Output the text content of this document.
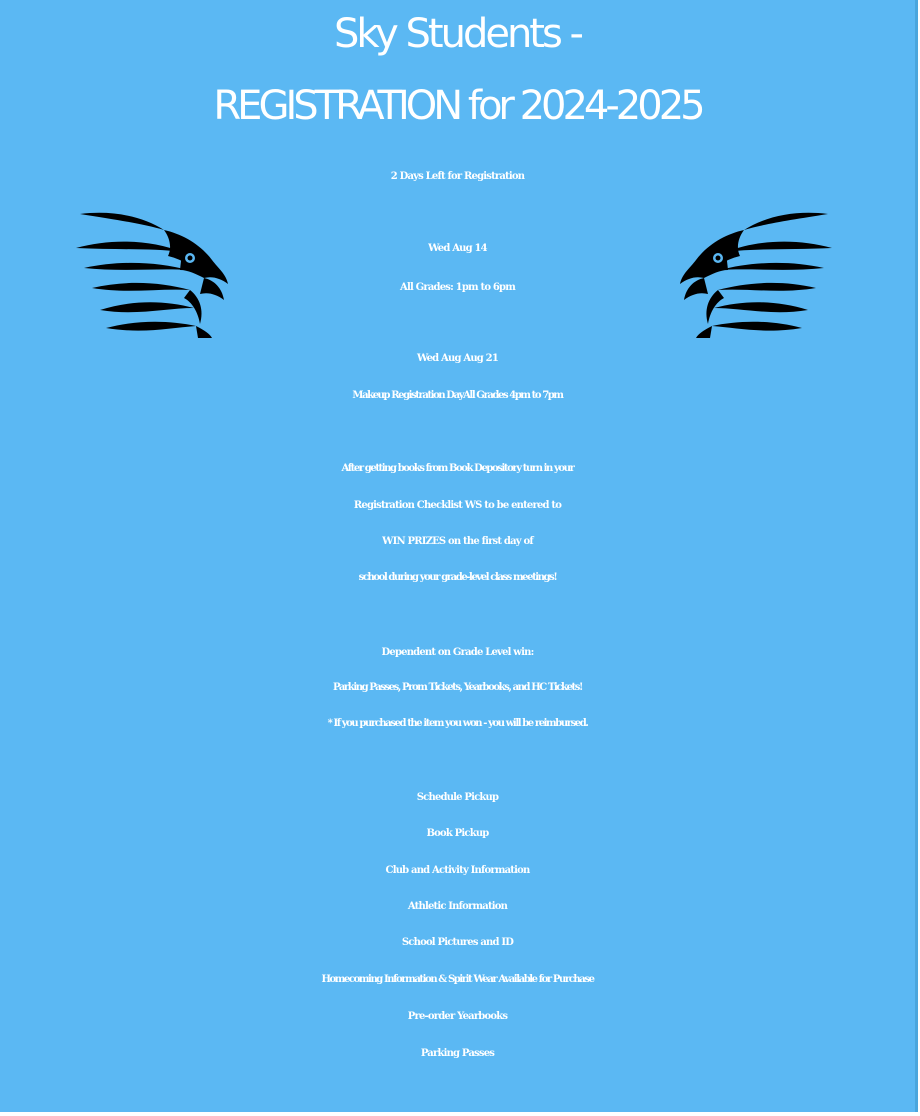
Sky Students -
REGISTRATION for 2024-2025
2 Days Left for Registration
Wed Aug 14
All Grades: 1pm to 6pm
Wed Aug Aug 21
Makeup Registration DayAll Grades 4pm to 7pm
After getting books from Book Depository turn in your
Registration Checklist WS to be entered to
WIN PRIZES on the first day of
school during your grade-level class meetings!
Dependent on Grade Level win:
Parking Passes, Prom Tickets, Yearbooks, and HC Tickets!
* If you purchased the item you won - you will be reimbursed.
Schedule Pickup
Book Pickup
Club and Activity Information
Athletic Information
School Pictures and ID
Homecoming Information & Spirit Wear Available for Purchase
Pre-order Yearbooks
Parking Passes
